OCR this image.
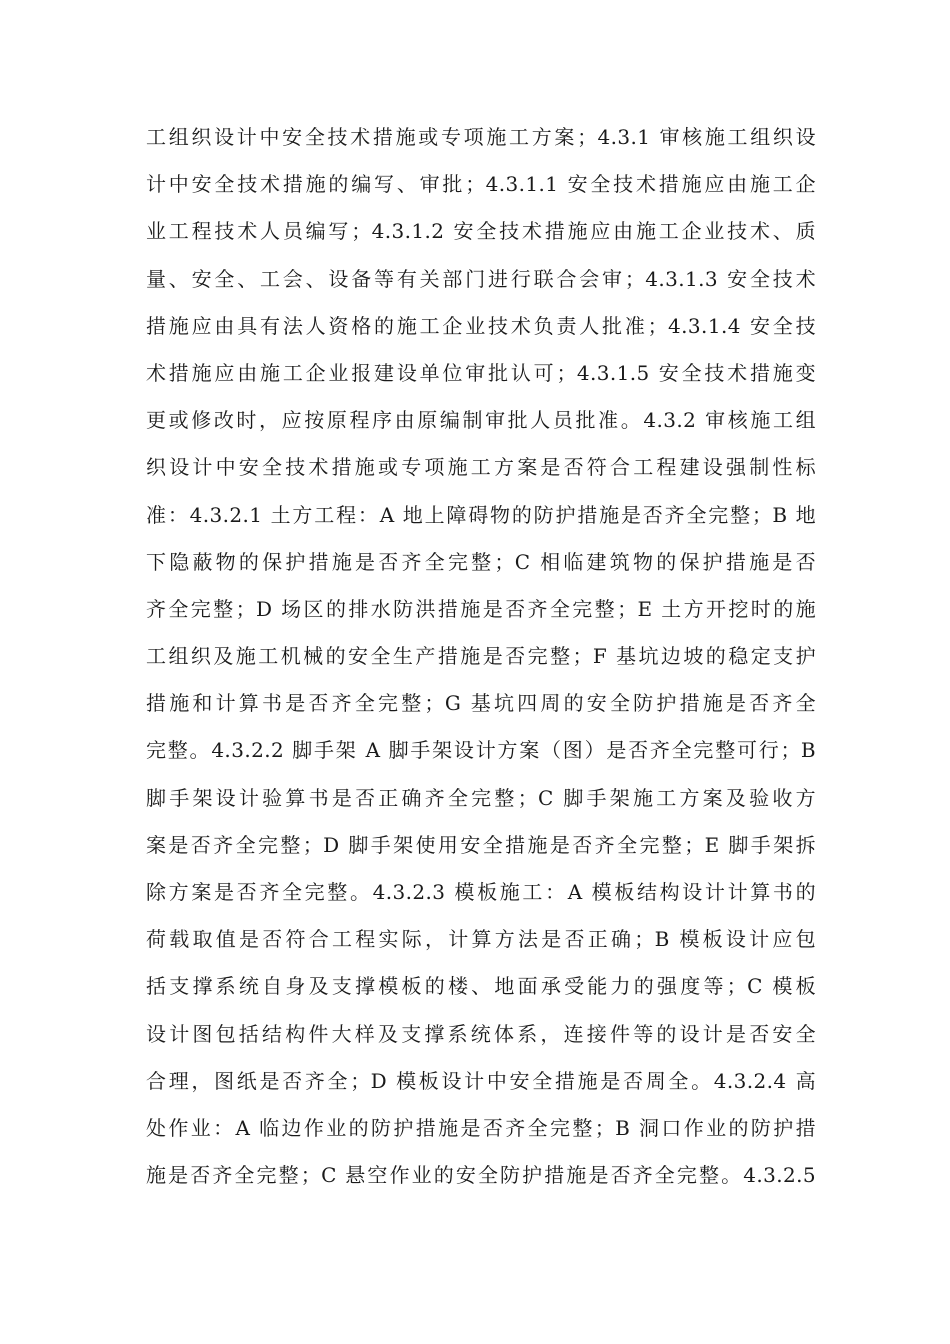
工组织设计中安全技术措施或专项施工方案；4.3.1 审核施工组织设
计中安全技术措施的编写、审批；4.3.1.1 安全技术措施应由施工企
业工程技术人员编写；4.3.1.2 安全技术措施应由施工企业技术、质
量、安全、工会、设备等有关部门进行联合会审；4.3.1.3 安全技术
措施应由具有法人资格的施工企业技术负责人批准；4.3.1.4 安全技
术措施应由施工企业报建设单位审批认可；4.3.1.5 安全技术措施变
更或修改时，应按原程序由原编制审批人员批准。4.3.2 审核施工组
织设计中安全技术措施或专项施工方案是否符合工程建设强制性标
准：4.3.2.1 土方工程：A 地上障碍物的防护措施是否齐全完整；B 地
下隐蔽物的保护措施是否齐全完整；C 相临建筑物的保护措施是否
齐全完整；D 场区的排水防洪措施是否齐全完整；E 土方开挖时的施
工组织及施工机械的安全生产措施是否完整；F 基坑边坡的稳定支护
措施和计算书是否齐全完整；G 基坑四周的安全防护措施是否齐全
完整。4.3.2.2 脚手架 A 脚手架设计方案（图）是否齐全完整可行；B
脚手架设计验算书是否正确齐全完整；C 脚手架施工方案及验收方
案是否齐全完整；D 脚手架使用安全措施是否齐全完整；E 脚手架拆
除方案是否齐全完整。4.3.2.3 模板施工：A 模板结构设计计算书的
荷载取值是否符合工程实际，计算方法是否正确；B 模板设计应包
括支撑系统自身及支撑模板的楼、地面承受能力的强度等；C 模板
设计图包括结构件大样及支撑系统体系，连接件等的设计是否安全
合理，图纸是否齐全；D 模板设计中安全措施是否周全。4.3.2.4 高
处作业：A 临边作业的防护措施是否齐全完整；B 洞口作业的防护措
施是否齐全完整；C 悬空作业的安全防护措施是否齐全完整。4.3.2.5
